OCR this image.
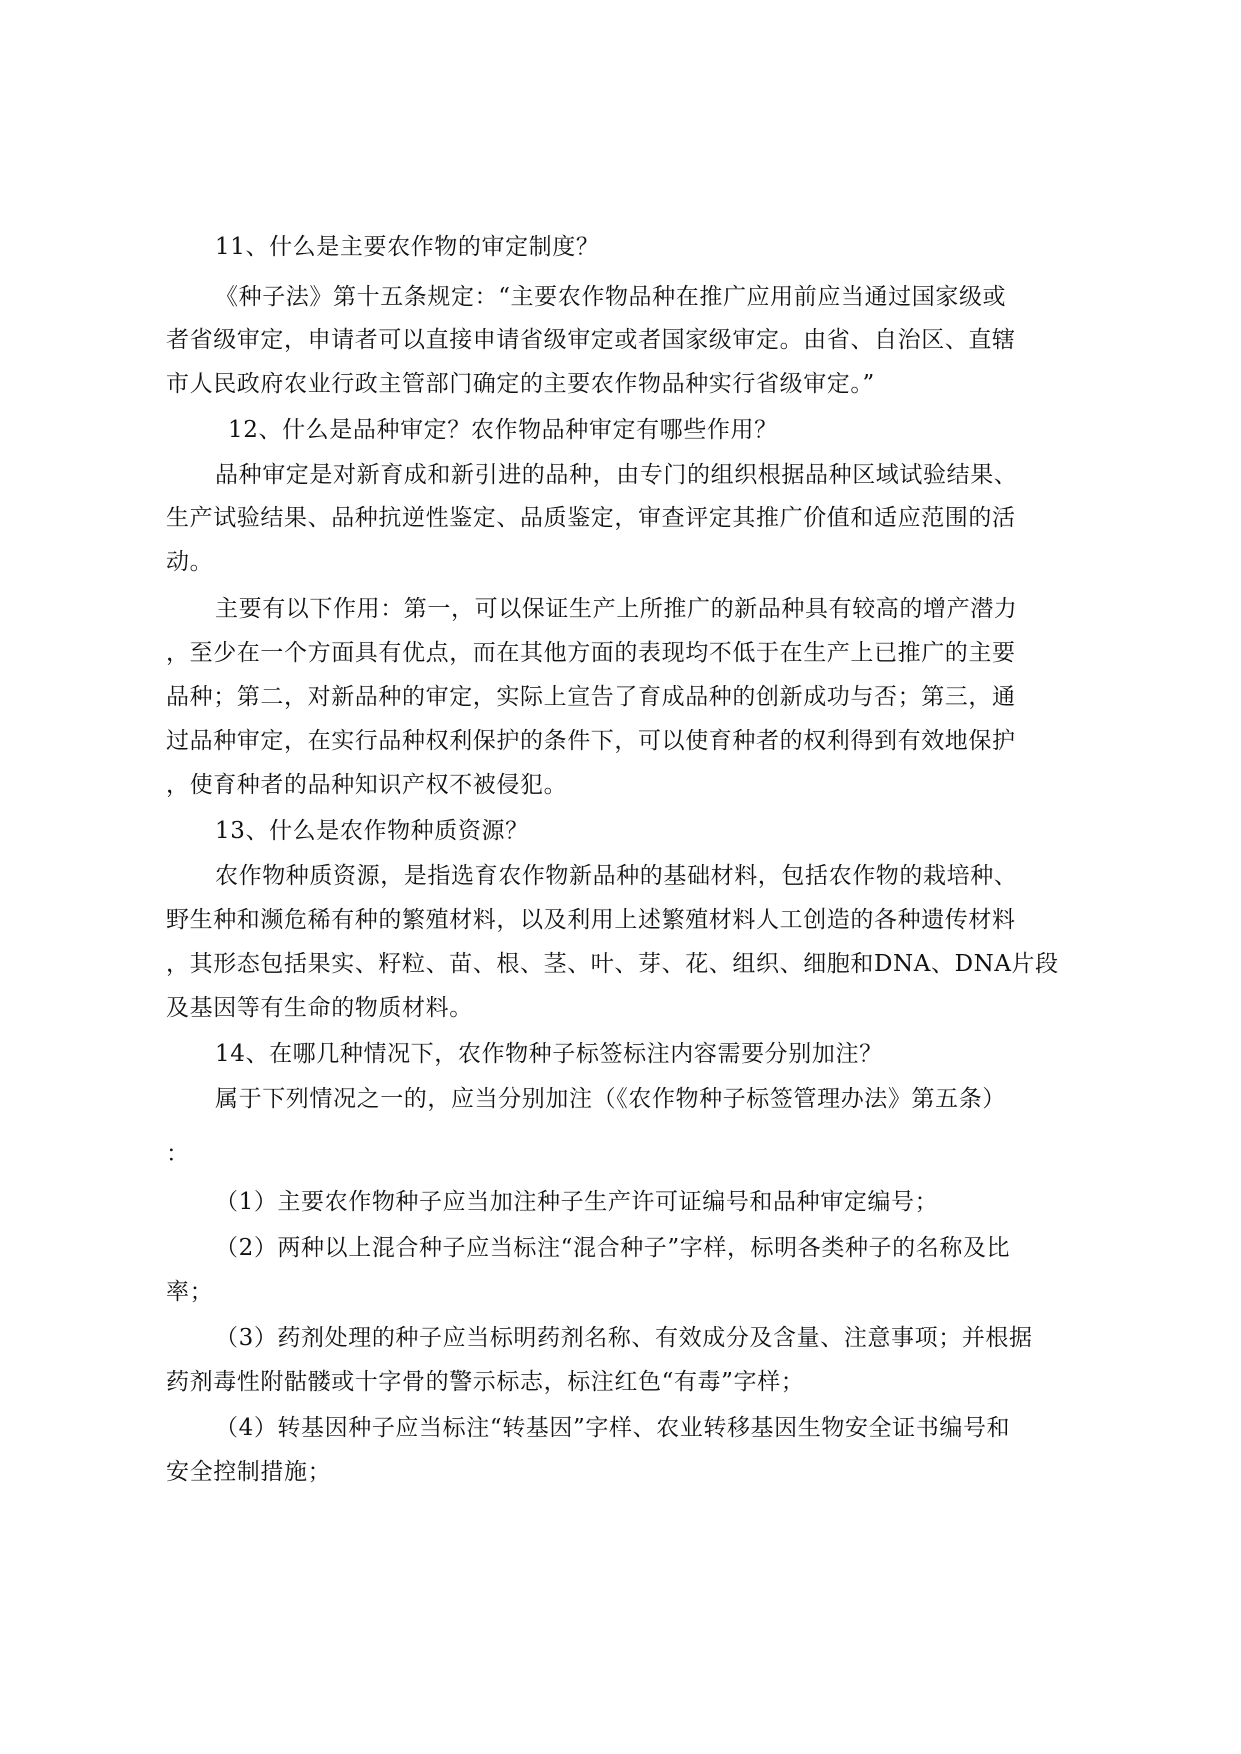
11、什么是主要农作物的审定制度？
《种子法》第十五条规定：“主要农作物品种在推广应用前应当通过国家级或
者省级审定，申请者可以直接申请省级审定或者国家级审定。由省、自治区、直辖
市人民政府农业行政主管部门确定的主要农作物品种实行省级审定。”
12、什么是品种审定？农作物品种审定有哪些作用？
品种审定是对新育成和新引进的品种，由专门的组织根据品种区域试验结果、
生产试验结果、品种抗逆性鉴定、品质鉴定，审查评定其推广价值和适应范围的活
动。
主要有以下作用：第一，可以保证生产上所推广的新品种具有较高的增产潜力
，至少在一个方面具有优点，而在其他方面的表现均不低于在生产上已推广的主要
品种；第二，对新品种的审定，实际上宣告了育成品种的创新成功与否；第三，通
过品种审定，在实行品种权利保护的条件下，可以使育种者的权利得到有效地保护
，使育种者的品种知识产权不被侵犯。
13、什么是农作物种质资源？
农作物种质资源，是指选育农作物新品种的基础材料，包括农作物的栽培种、
野生种和濒危稀有种的繁殖材料，以及利用上述繁殖材料人工创造的各种遗传材料
，其形态包括果实、籽粒、苗、根、茎、叶、芽、花、组织、细胞和DNA、DNA片段
及基因等有生命的物质材料。
14、在哪几种情况下，农作物种子标签标注内容需要分别加注？
属于下列情况之一的，应当分别加注（《农作物种子标签管理办法》第五条）
：
（1）主要农作物种子应当加注种子生产许可证编号和品种审定编号；
（2）两种以上混合种子应当标注“混合种子”字样，标明各类种子的名称及比
率；
（3）药剂处理的种子应当标明药剂名称、有效成分及含量、注意事项；并根据
药剂毒性附骷髅或十字骨的警示标志，标注红色“有毒”字样；
（4）转基因种子应当标注“转基因”字样、农业转移基因生物安全证书编号和
安全控制措施；
